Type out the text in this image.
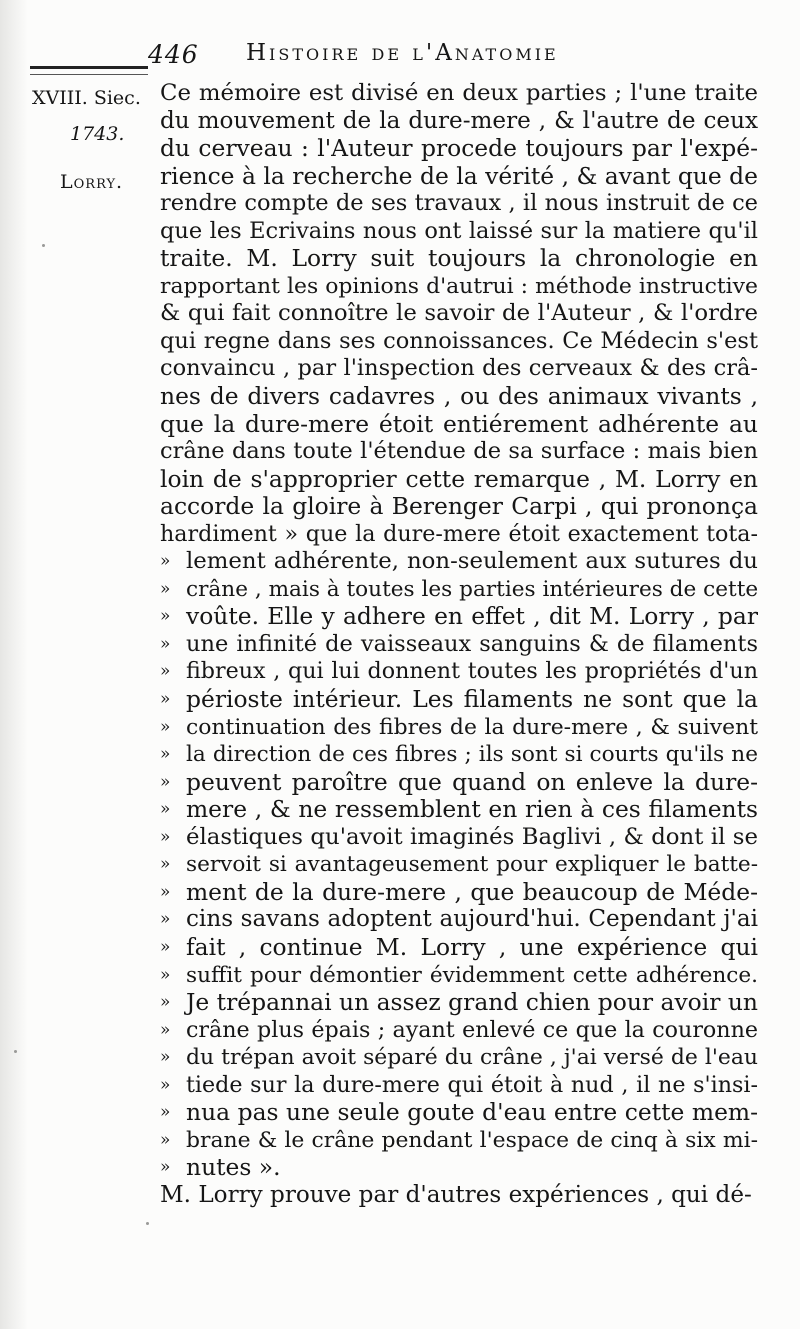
446 Histoire de l'Anatomie
XVIII. Siec.
1743.
Lorry.
Ce mémoire est divisé en deux parties ; l'une traite
du mouvement de la dure-mere , & l'autre de ceux
du cerveau : l'Auteur procede toujours par l'expé-
rience à la recherche de la vérité , & avant que de
rendre compte de ses travaux , il nous instruit de ce
que les Ecrivains nous ont laissé sur la matiere qu'il
traite. M. Lorry suit toujours la chronologie en
rapportant les opinions d'autrui : méthode instructive
& qui fait connoître le savoir de l'Auteur , & l'ordre
qui regne dans ses connoissances. Ce Médecin s'est
convaincu , par l'inspection des cerveaux & des crâ-
nes de divers cadavres , ou des animaux vivants ,
que la dure-mere étoit entiérement adhérente au
crâne dans toute l'étendue de sa surface : mais bien
loin de s'approprier cette remarque , M. Lorry en
accorde la gloire à Berenger Carpi , qui prononça
hardiment » que la dure-mere étoit exactement tota-
» lement adhérente, non-seulement aux sutures du
» crâne , mais à toutes les parties intérieures de cette
» voûte. Elle y adhere en effet , dit M. Lorry , par
» une infinité de vaisseaux sanguins & de filaments
» fibreux , qui lui donnent toutes les propriétés d'un
» périoste intérieur. Les filaments ne sont que la
» continuation des fibres de la dure-mere , & suivent
» la direction de ces fibres ; ils sont si courts qu'ils ne
» peuvent paroître que quand on enleve la dure-
» mere , & ne ressemblent en rien à ces filaments
» élastiques qu'avoit imaginés Baglivi , & dont il se
» servoit si avantageusement pour expliquer le batte-
» ment de la dure-mere , que beaucoup de Méde-
» cins savans adoptent aujourd'hui. Cependant j'ai
» fait , continue M. Lorry , une expérience qui
» suffit pour démontier évidemment cette adhérence.
» Je trépannai un assez grand chien pour avoir un
» crâne plus épais ; ayant enlevé ce que la couronne
» du trépan avoit séparé du crâne , j'ai versé de l'eau
» tiede sur la dure-mere qui étoit à nud , il ne s'insi-
» nua pas une seule goute d'eau entre cette mem-
» brane & le crâne pendant l'espace de cinq à six mi-
» nutes ».
M. Lorry prouve par d'autres expériences , qui dé-
